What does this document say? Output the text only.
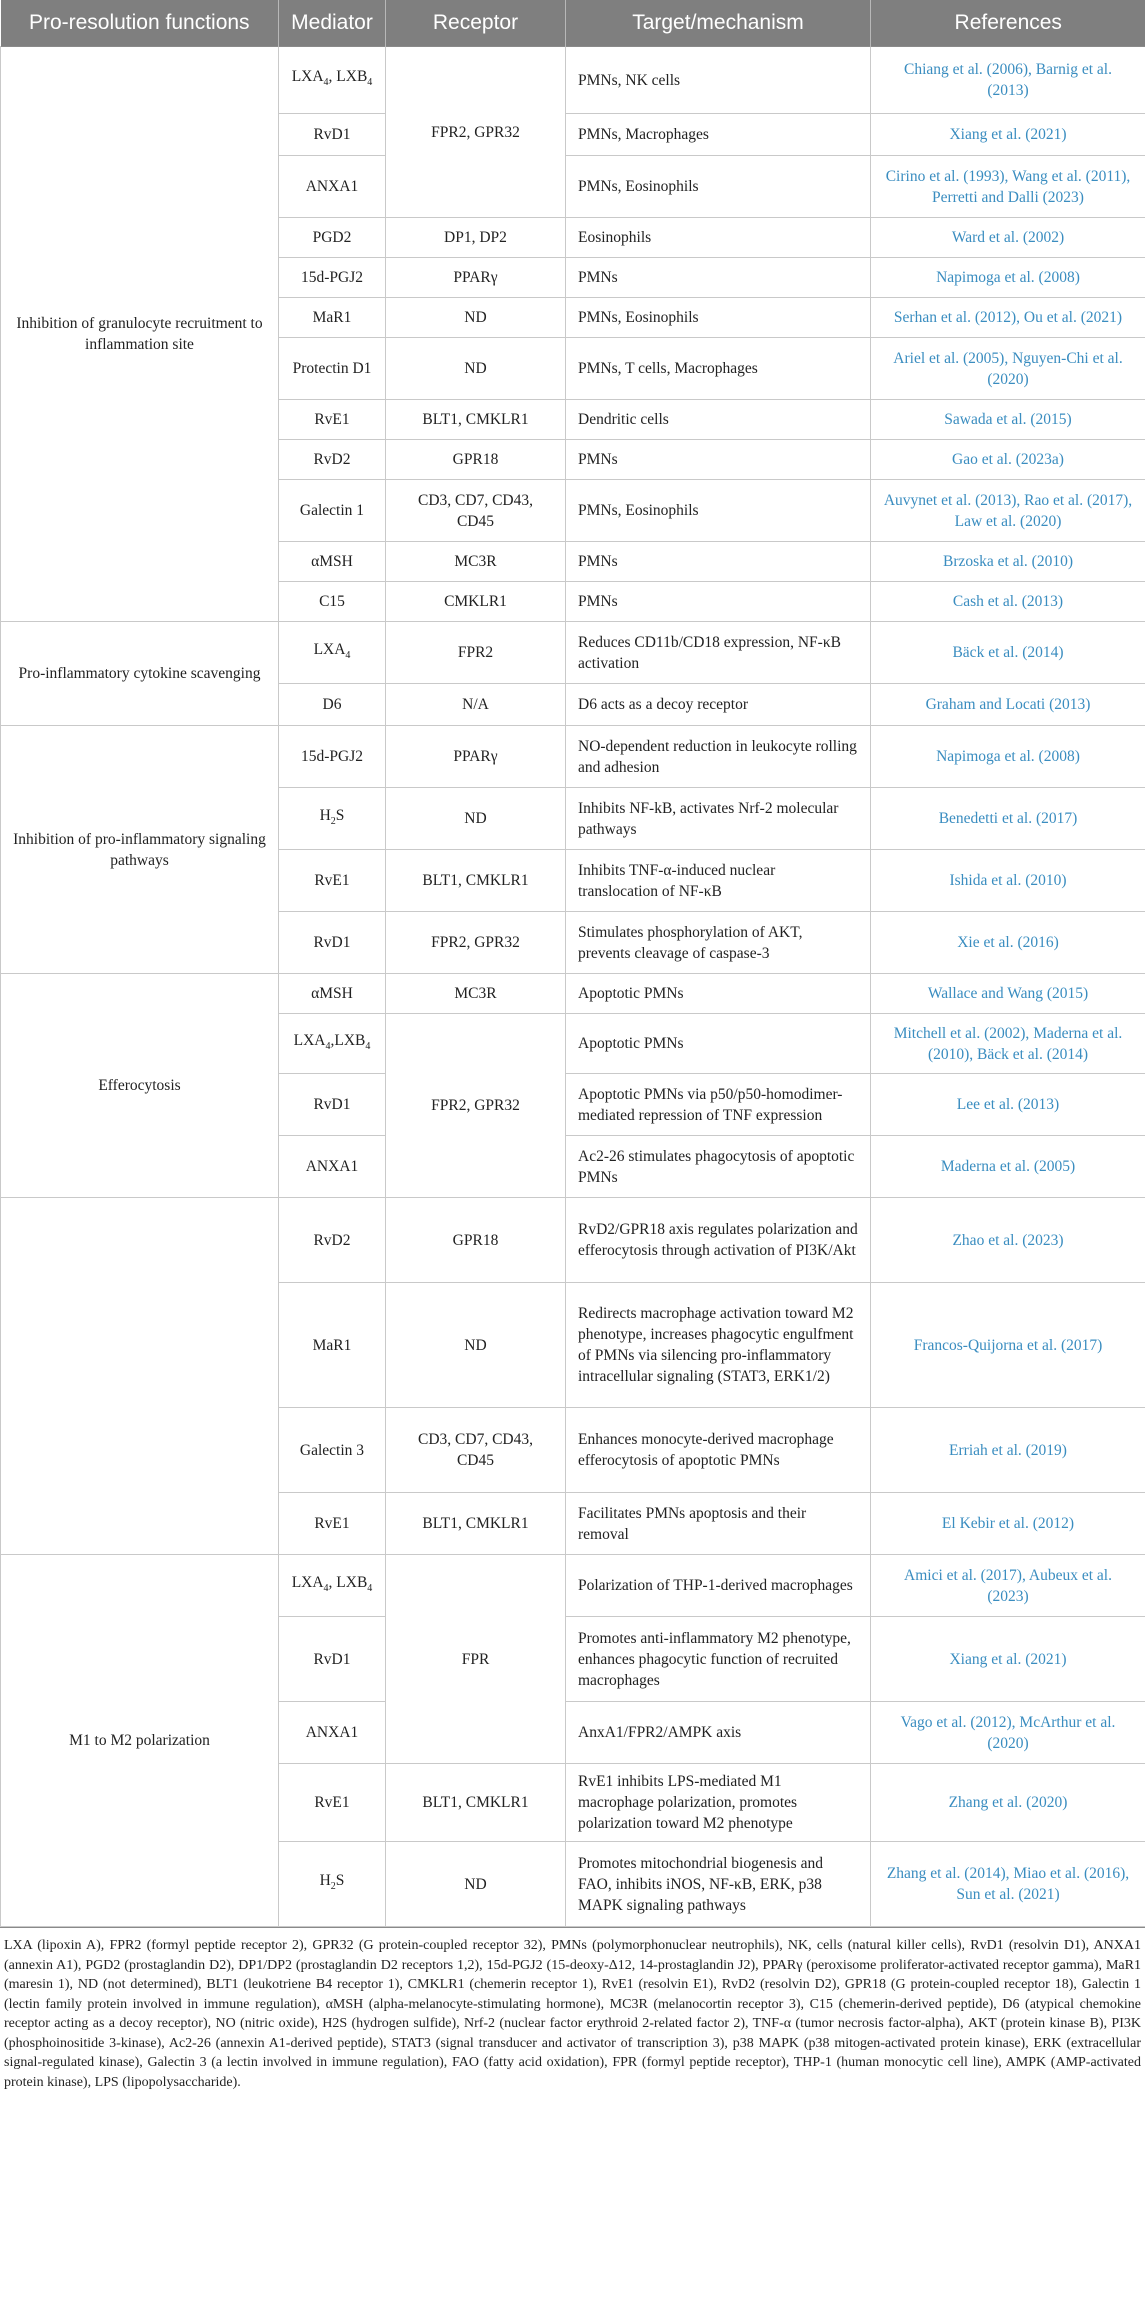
Pro-resolution functions	Mediator	Receptor	Target/mechanism	References
Inhibition of granulocyte recruitment to inflammation site	$LXA_4$, $LXB_4$	FPR2, GPR32	PMNs, NK cells	Chiang et al. (2006), Barnig et al. (2013)
	RvD1		PMNs, Macrophages	Xiang et al. (2021)
	ANXA1		PMNs, Eosinophils	Cirino et al. (1993), Wang et al. (2011), Perretti and Dalli (2023)
	PGD2	DP1, DP2	Eosinophils	Ward et al. (2002)
	15d-PGJ2	PPARγ	PMNs	Napimoga et al. (2008)
	MaR1	ND	PMNs, Eosinophils	Serhan et al. (2012), Ou et al. (2021)
	Protectin D1	ND	PMNs, T cells, Macrophages	Ariel et al. (2005), Nguyen-Chi et al. (2020)
	RvE1	BLT1, CMKLR1	Dendritic cells	Sawada et al. (2015)
	RvD2	GPR18	PMNs	Gao et al. (2023a)
	Galectin 1	CD3, CD7, CD43, CD45	PMNs, Eosinophils	Auvynet et al. (2013), Rao et al. (2017), Law et al. (2020)
	αMSH	MC3R	PMNs	Brzoska et al. (2010)
	C15	CMKLR1	PMNs	Cash et al. (2013)
Pro-inflammatory cytokine scavenging	$LXA_4$	FPR2	Reduces CD11b/CD18 expression, NF-κB activation	Bäck et al. (2014)
	D6	N/A	D6 acts as a decoy receptor	Graham and Locati (2013)
Inhibition of pro-inflammatory signaling pathways	15d-PGJ2	PPARγ	NO-dependent reduction in leukocyte rolling and adhesion	Napimoga et al. (2008)
	$H_2S$	ND	Inhibits NF-kB, activates Nrf-2 molecular pathways	Benedetti et al. (2017)
	RvE1	BLT1, CMKLR1	Inhibits TNF-α-induced nuclear translocation of NF-κB	Ishida et al. (2010)
	RvD1	FPR2, GPR32	Stimulates phosphorylation of AKT, prevents cleavage of caspase-3	Xie et al. (2016)
Efferocytosis	αMSH	MC3R	Apoptotic PMNs	Wallace and Wang (2015)
	$LXA_4,LXB_4$	FPR2, GPR32	Apoptotic PMNs	Mitchell et al. (2002), Maderna et al. (2010), Bäck et al. (2014)
	RvD1		Apoptotic PMNs via p50/p50-homodimer-mediated repression of TNF expression	Lee et al. (2013)
	ANXA1		Ac2-26 stimulates phagocytosis of apoptotic PMNs	Maderna et al. (2005)
	RvD2	GPR18	RvD2/GPR18 axis regulates polarization and efferocytosis through activation of PI3K/Akt	Zhao et al. (2023)
	MaR1	ND	Redirects macrophage activation toward M2 phenotype, increases phagocytic engulfment of PMNs via silencing pro-inflammatory intracellular signaling (STAT3, ERK1/2)	Francos-Quijorna et al. (2017)
	Galectin 3	CD3, CD7, CD43, CD45	Enhances monocyte-derived macrophage efferocytosis of apoptotic PMNs	Erriah et al. (2019)
	RvE1	BLT1, CMKLR1	Facilitates PMNs apoptosis and their removal	El Kebir et al. (2012)
M1 to M2 polarization	$LXA_4$, $LXB_4$	FPR	Polarization of THP-1-derived macrophages	Amici et al. (2017), Aubeux et al. (2023)
	RvD1		Promotes anti-inflammatory M2 phenotype, enhances phagocytic function of recruited macrophages	Xiang et al. (2021)
	ANXA1		AnxA1/FPR2/AMPK axis	Vago et al. (2012), McArthur et al. (2020)
	RvE1	BLT1, CMKLR1	RvE1 inhibits LPS-mediated M1 macrophage polarization, promotes polarization toward M2 phenotype	Zhang et al. (2020)
	$H_2S$	ND	Promotes mitochondrial biogenesis and FAO, inhibits iNOS, NF-κB, ERK, p38 MAPK signaling pathways	Zhang et al. (2014), Miao et al. (2016), Sun et al. (2021)
LXA (lipoxin A), FPR2 (formyl peptide receptor 2), GPR32 (G protein-coupled receptor 32), PMNs (polymorphonuclear neutrophils), NK, cells (natural killer cells), RvD1 (resolvin D1), ANXA1 (annexin A1), PGD2 (prostaglandin D2), DP1/DP2 (prostaglandin D2 receptors 1,2), 15d-PGJ2 (15-deoxy-Δ12, 14-prostaglandin J2), PPARγ (peroxisome proliferator-activated receptor gamma), MaR1 (maresin 1), ND (not determined), BLT1 (leukotriene B4 receptor 1), CMKLR1 (chemerin receptor 1), RvE1 (resolvin E1), RvD2 (resolvin D2), GPR18 (G protein-coupled receptor 18), Galectin 1 (lectin family protein involved in immune regulation), αMSH (alpha-melanocyte-stimulating hormone), MC3R (melanocortin receptor 3), C15 (chemerin-derived peptide), D6 (atypical chemokine receptor acting as a decoy receptor), NO (nitric oxide), H2S (hydrogen sulfide), Nrf-2 (nuclear factor erythroid 2-related factor 2), TNF-α (tumor necrosis factor-alpha), AKT (protein kinase B), PI3K (phosphoinositide 3-kinase), Ac2-26 (annexin A1-derived peptide), STAT3 (signal transducer and activator of transcription 3), p38 MAPK (p38 mitogen-activated protein kinase), ERK (extracellular signal-regulated kinase), Galectin 3 (a lectin involved in immune regulation), FAO (fatty acid oxidation), FPR (formyl peptide receptor), THP-1 (human monocytic cell line), AMPK (AMP-activated protein kinase), LPS (lipopolysaccharide).
